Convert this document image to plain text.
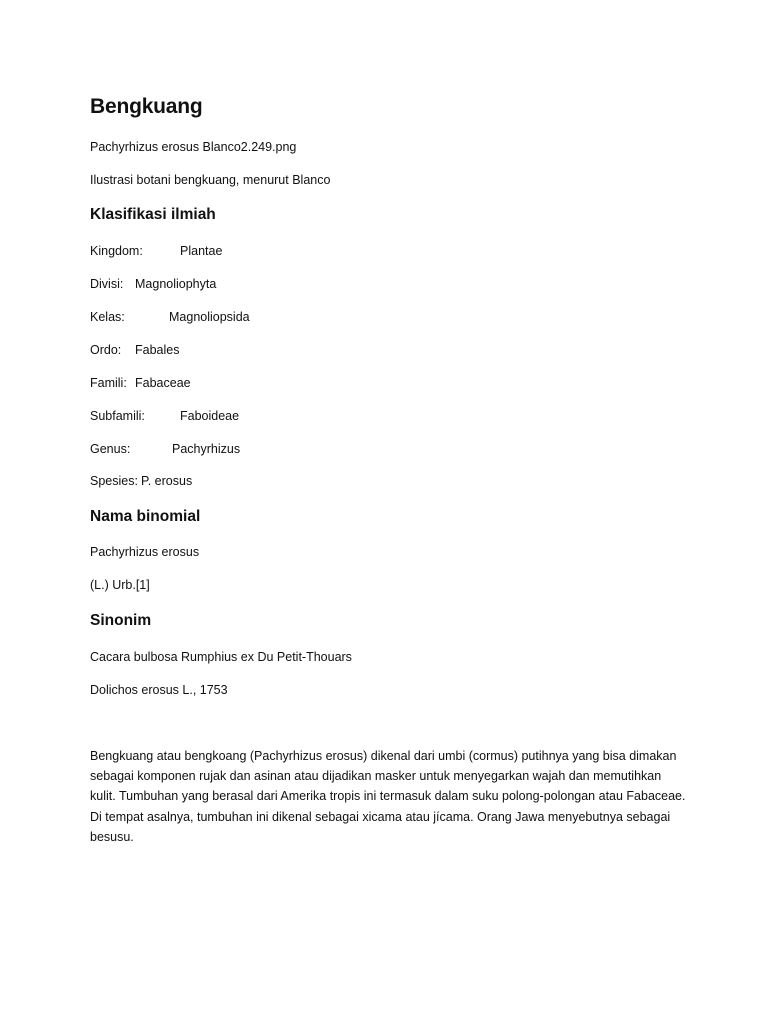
Bengkuang

Pachyrhizus erosus Blanco2.249.png

Ilustrasi botani bengkuang, menurut Blanco

Klasifikasi ilmiah
Kingdom:	Plantae
Divisi: Magnoliophyta
Kelas:	Magnoliopsida
Ordo: Fabales
Famili: Fabaceae
Subfamili:	Faboideae
Genus:	Pachyrhizus
Spesies: P. erosus
Nama binomial

Pachyrhizus erosus

(L.) Urb.[1]

Sinonim

Cacara bulbosa Rumphius ex Du Petit-Thouars

Dolichos erosus L., 1753

Bengkuang atau bengkoang (Pachyrhizus erosus) dikenal dari umbi (cormus) putihnya yang bisa dimakan sebagai komponen rujak dan asinan atau dijadikan masker untuk menyegarkan wajah dan memutihkan kulit. Tumbuhan yang berasal dari Amerika tropis ini termasuk dalam suku polong-polongan atau Fabaceae. Di tempat asalnya, tumbuhan ini dikenal sebagai xicama atau jícama. Orang Jawa menyebutnya sebagai besusu.
